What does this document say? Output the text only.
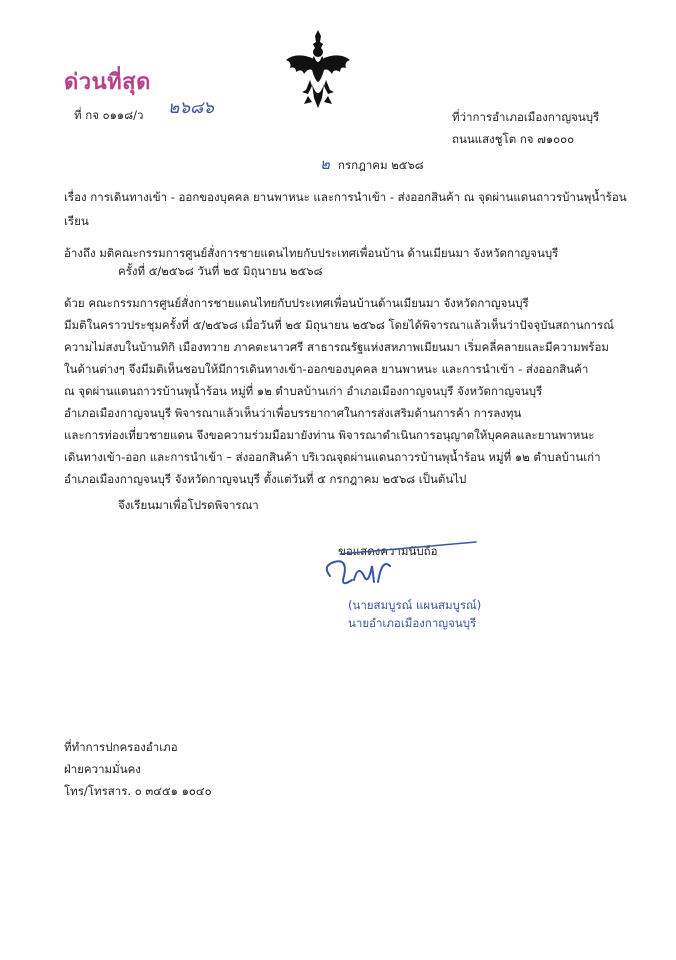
ด่วนที่สุด

ที่ กจ ๐๑๑๘/ว ๒๖๘๖	ที่ว่าการอำเภอเมืองกาญจนบุรี
ถนนแสงชูโต กจ ๗๑๐๐๐

๒ กรกฎาคม ๒๕๖๘

เรื่อง การเดินทางเข้า - ออกของบุคคล ยานพาหนะ และการนำเข้า - ส่งออกสินค้า ณ จุดผ่านแดนถาวรบ้านพุน้ำร้อน

เรียน

อ้างถึง มติคณะกรรมการศูนย์สั่งการชายแดนไทยกับประเทศเพื่อนบ้าน ด้านเมียนมา จังหวัดกาญจนบุรี

ครั้งที่ ๕/๒๕๖๘ วันที่ ๒๕ มิถุนายน ๒๕๖๘

ด้วย คณะกรรมการศูนย์สั่งการชายแดนไทยกับประเทศเพื่อนบ้านด้านเมียนมา จังหวัดกาญจนบุรี
มีมติในคราวประชุมครั้งที่ ๕/๒๕๖๘ เมื่อวันที่ ๒๕ มิถุนายน ๒๕๖๘ โดยได้พิจารณาแล้วเห็นว่าปัจจุบันสถานการณ์
ความไม่สงบในบ้านทิกิ เมืองทวาย ภาคตะนาวศรี สาธารณรัฐแห่งสหภาพเมียนมา เริ่มคลี่คลายและมีความพร้อม
ในด้านต่างๆ จึงมีมติเห็นชอบให้มีการเดินทางเข้า-ออกของบุคคล ยานพาหนะ และการนำเข้า - ส่งออกสินค้า
ณ จุดผ่านแดนถาวรบ้านพุน้ำร้อน หมู่ที่ ๑๒ ตำบลบ้านเก่า อำเภอเมืองกาญจนบุรี จังหวัดกาญจนบุรี
อำเภอเมืองกาญจนบุรี พิจารณาแล้วเห็นว่าเพื่อบรรยากาศในการส่งเสริมด้านการค้า การลงทุน
และการท่องเที่ยวชายแดน จึงขอความร่วมมือมายังท่าน พิจารณาดำเนินการอนุญาตให้บุคคลและยานพาหนะ
เดินทางเข้า-ออก และการนำเข้า – ส่งออกสินค้า บริเวณจุดผ่านแดนถาวรบ้านพุน้ำร้อน หมู่ที่ ๑๒ ตำบลบ้านเก่า
อำเภอเมืองกาญจนบุรี จังหวัดกาญจนบุรี ตั้งแต่วันที่ ๕ กรกฎาคม ๒๕๖๘ เป็นต้นไป

จึงเรียนมาเพื่อโปรดพิจารณา

ขอแสดงความนับถือ

(นายสมบูรณ์ แผนสมบูรณ์)

นายอำเภอเมืองกาญจนบุรี

ที่ทำการปกครองอำเภอ
ฝ่ายความมั่นคง
โทร/โทรสาร. ๐ ๓๔๕๑ ๑๐๔๐
